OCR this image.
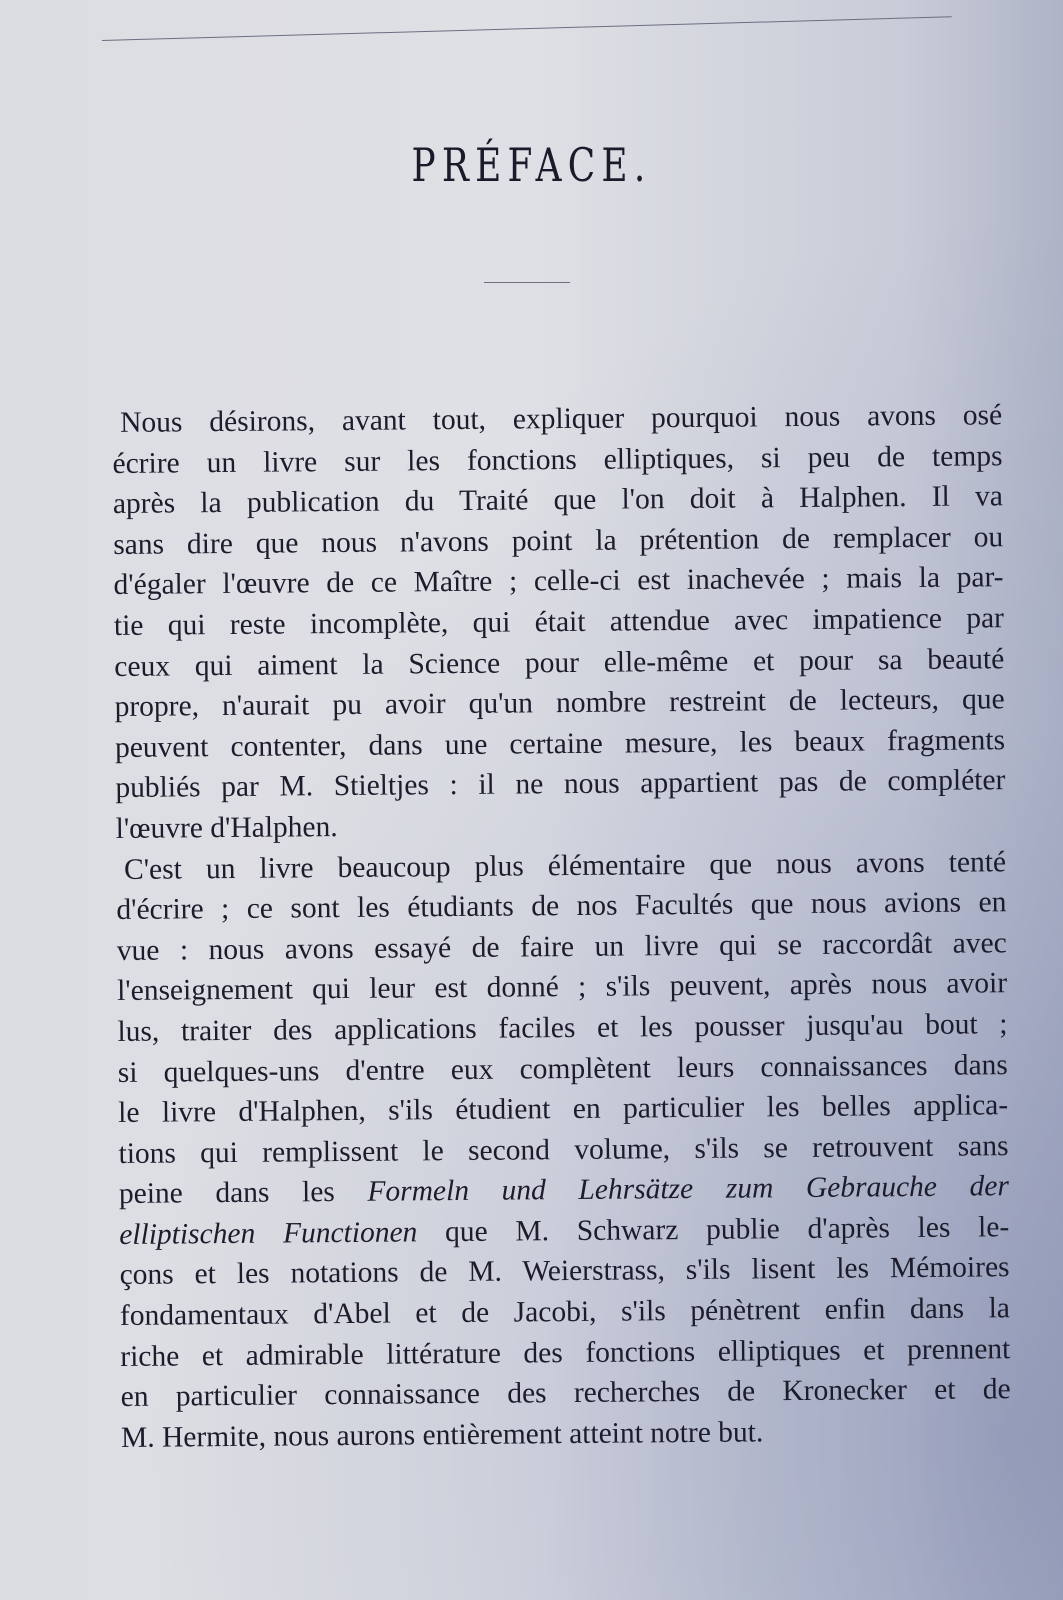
PRÉFACE.
Nous désirons, avant tout, expliquer pourquoi nous avons osé
écrire un livre sur les fonctions elliptiques, si peu de temps
après la publication du Traité que l'on doit à Halphen. Il va
sans dire que nous n'avons point la prétention de remplacer ou
d'égaler l'œuvre de ce Maître ; celle-ci est inachevée ; mais la par-
tie qui reste incomplète, qui était attendue avec impatience par
ceux qui aiment la Science pour elle-même et pour sa beauté
propre, n'aurait pu avoir qu'un nombre restreint de lecteurs, que
peuvent contenter, dans une certaine mesure, les beaux fragments
publiés par M. Stieltjes : il ne nous appartient pas de compléter
l'œuvre d'Halphen.
C'est un livre beaucoup plus élémentaire que nous avons tenté
d'écrire ; ce sont les étudiants de nos Facultés que nous avions en
vue : nous avons essayé de faire un livre qui se raccordât avec
l'enseignement qui leur est donné ; s'ils peuvent, après nous avoir
lus, traiter des applications faciles et les pousser jusqu'au bout ;
si quelques-uns d'entre eux complètent leurs connaissances dans
le livre d'Halphen, s'ils étudient en particulier les belles applica-
tions qui remplissent le second volume, s'ils se retrouvent sans
peine dans les Formeln und Lehrsätze zum Gebrauche der
elliptischen Functionen que M. Schwarz publie d'après les le-
çons et les notations de M. Weierstrass, s'ils lisent les Mémoires
fondamentaux d'Abel et de Jacobi, s'ils pénètrent enfin dans la
riche et admirable littérature des fonctions elliptiques et prennent
en particulier connaissance des recherches de Kronecker et de
M. Hermite, nous aurons entièrement atteint notre but.
